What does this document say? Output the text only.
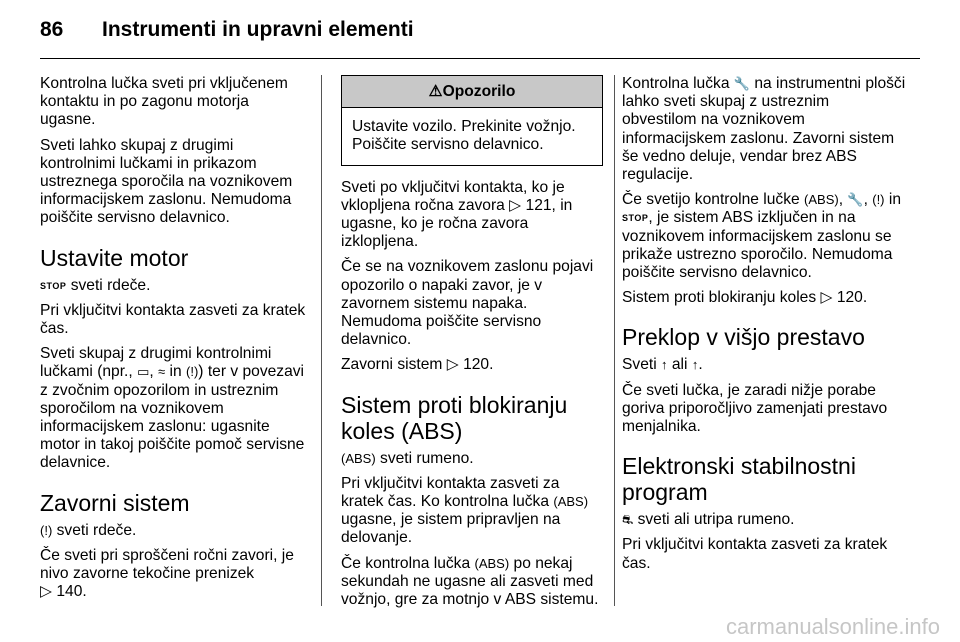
86 Instrumenti in upravni elementi

Kontrolna lučka sveti pri vključenem kontaktu in po zagonu motorja ugasne.

Sveti lahko skupaj z drugimi kontrolnimi lučkami in prikazom ustreznega sporočila na voznikovem informacijskem zaslonu. Nemudoma poiščite servisno delavnico.

Ustavite motor

STOP sveti rdeče.

Pri vključitvi kontakta zasveti za kratek čas.

Sveti skupaj z drugimi kontrolnimi lučkami (npr., ▭, ≈ in (!)) ter v povezavi z zvočnim opozorilom in ustreznim sporočilom na voznikovem informacijskem zaslonu: ugasnite motor in takoj poiščite pomoč servisne delavnice.

Zavorni sistem

(!) sveti rdeče.

Če sveti pri sproščeni ročni zavori, je nivo zavorne tekočine prenizek
▷ 140.

⚠Opozorilo
Ustavite vozilo. Prekinite vožnjo. Poiščite servisno delavnico.

Sveti po vključitvi kontakta, ko je vklopljena ročna zavora ▷ 121, in ugasne, ko je ročna zavora izklopljena.

Če se na voznikovem zaslonu pojavi opozorilo o napaki zavor, je v zavornem sistemu napaka. Nemudoma poiščite servisno delavnico.

Zavorni sistem ▷ 120.

Sistem proti blokiranju koles (ABS)

(ABS) sveti rumeno.

Pri vključitvi kontakta zasveti za kratek čas. Ko kontrolna lučka (ABS) ugasne, je sistem pripravljen na delovanje.

Če kontrolna lučka (ABS) po nekaj sekundah ne ugasne ali zasveti med vožnjo, gre za motnjo v ABS sistemu.

Kontrolna lučka 🔧 na instrumentni plošči lahko sveti skupaj z ustreznim obvestilom na voznikovem informacijskem zaslonu. Zavorni sistem še vedno deluje, vendar brez ABS regulacije.

Če svetijo kontrolne lučke (ABS), 🔧, (!) in STOP, je sistem ABS izključen in na voznikovem informacijskem zaslonu se prikaže ustrezno sporočilo. Nemudoma poiščite servisno delavnico.

Sistem proti blokiranju koles ▷ 120.

Preklop v višjo prestavo

Sveti ↑ ali ↑.

Če sveti lučka, je zaradi nižje porabe goriva priporočljivo zamenjati prestavo menjalnika.

Elektronski stabilnostni program

⛐ sveti ali utripa rumeno.

Pri vključitvi kontakta zasveti za kratek čas.

carmanualsonline.info
